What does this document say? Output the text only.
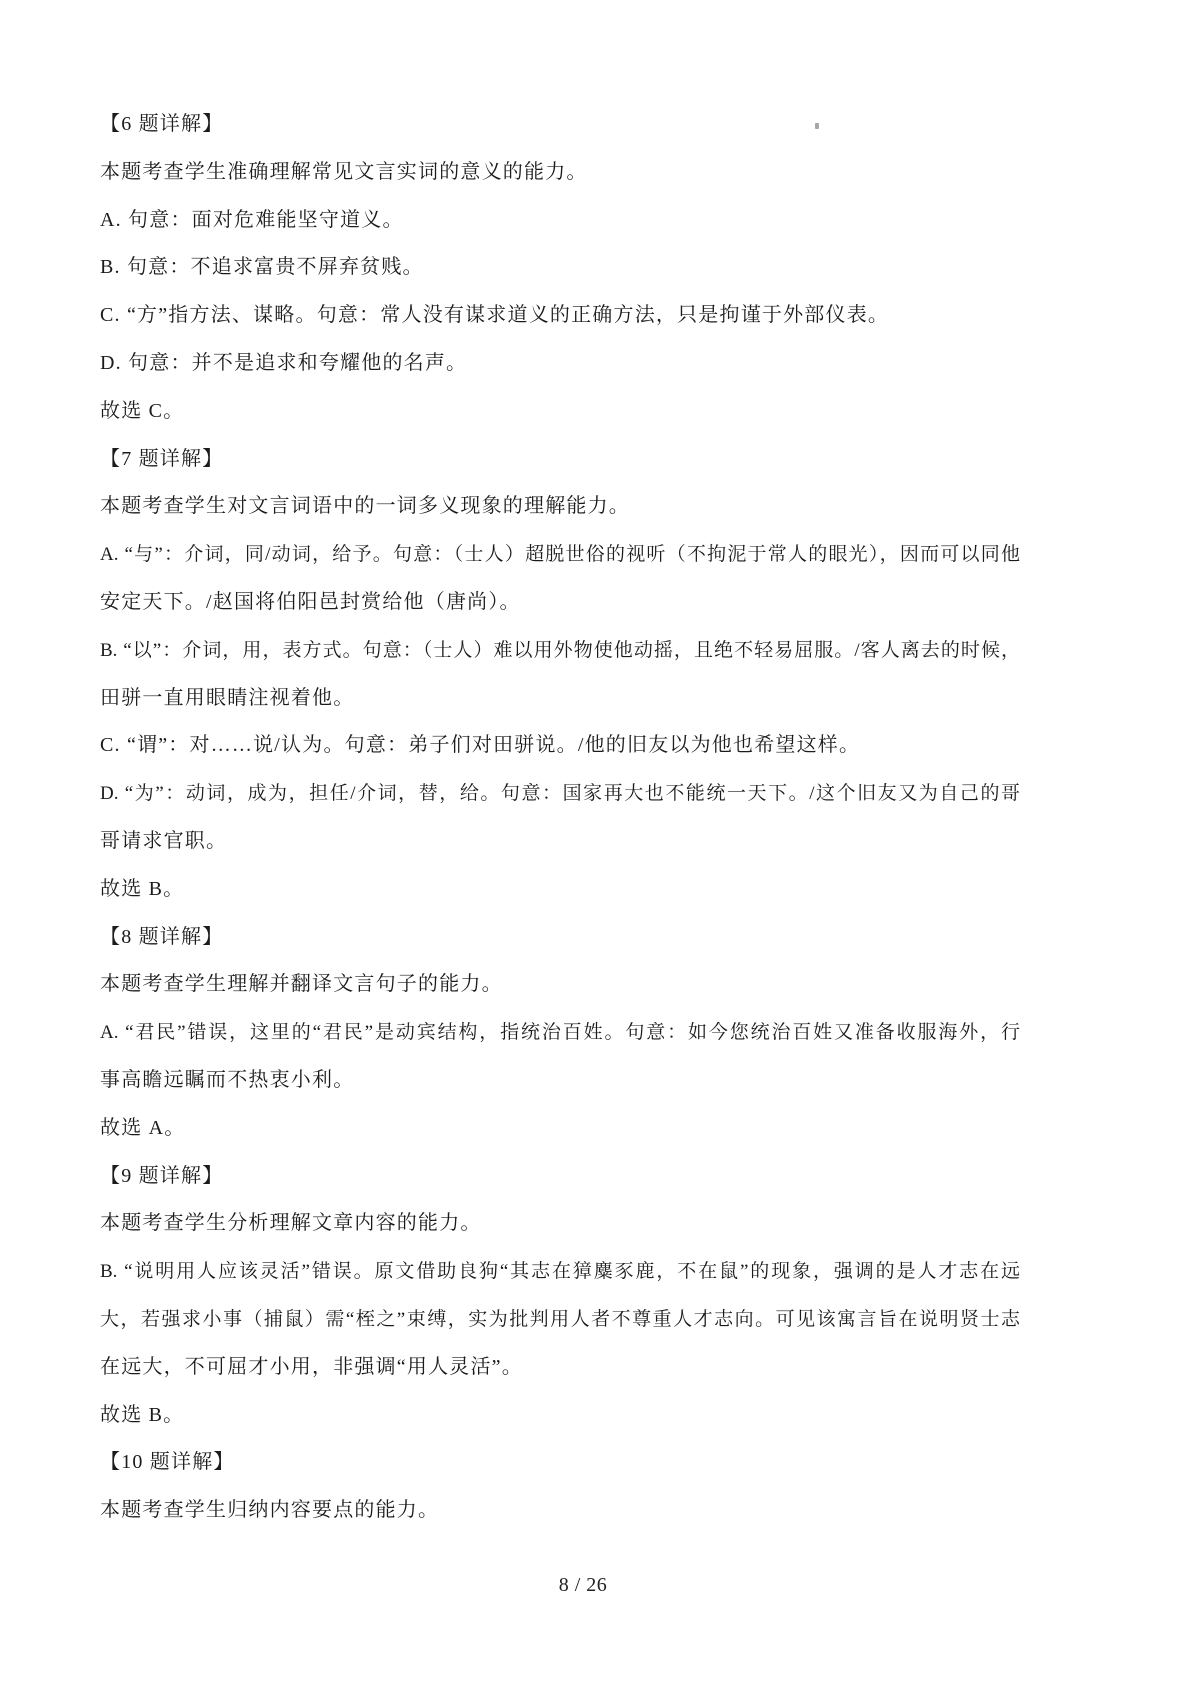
【6 题详解】
本题考查学生准确理解常见文言实词的意义的能力。
A. 句意：面对危难能坚守道义。
B. 句意：不追求富贵不屏弃贫贱。
C. “方”指方法、谋略。句意：常人没有谋求道义的正确方法，只是拘谨于外部仪表。
D. 句意：并不是追求和夸耀他的名声。
故选 C。
【7 题详解】
本题考查学生对文言词语中的一词多义现象的理解能力。
A. “与”：介词，同/动词，给予。句意：（士人）超脱世俗的视听（不拘泥于常人的眼光），因而可以同他
安定天下。/赵国将伯阳邑封赏给他（唐尚）。
B. “以”：介词，用，表方式。句意：（士人）难以用外物使他动摇，且绝不轻易屈服。/客人离去的时候，
田骈一直用眼睛注视着他。
C. “谓”：对……说/认为。句意：弟子们对田骈说。/他的旧友以为他也希望这样。
D. “为”：动词，成为，担任/介词，替，给。句意：国家再大也不能统一天下。/这个旧友又为自己的哥
哥请求官职。
故选 B。
【8 题详解】
本题考查学生理解并翻译文言句子的能力。
A. “君民”错误，这里的“君民”是动宾结构，指统治百姓。句意：如今您统治百姓又准备收服海外，行
事高瞻远瞩而不热衷小利。
故选 A。
【9 题详解】
本题考查学生分析理解文章内容的能力。
B. “说明用人应该灵活”错误。原文借助良狗“其志在獐麋豕鹿，不在鼠”的现象，强调的是人才志在远
大，若强求小事（捕鼠）需“桎之”束缚，实为批判用人者不尊重人才志向。可见该寓言旨在说明贤士志
在远大，不可屈才小用，非强调“用人灵活”。
故选 B。
【10 题详解】
本题考查学生归纳内容要点的能力。
8 / 26
